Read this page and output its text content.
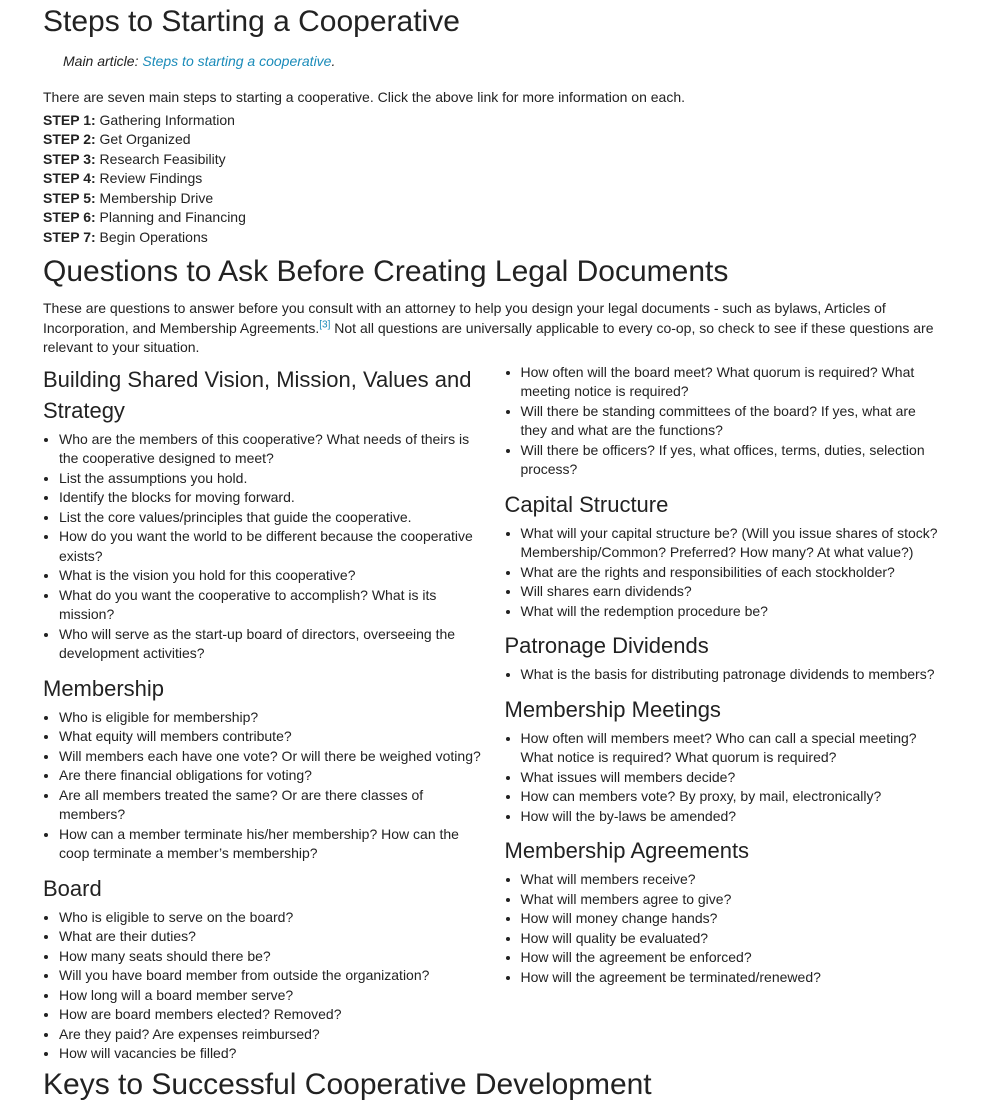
Steps to Starting a Cooperative
Main article: Steps to starting a cooperative.
There are seven main steps to starting a cooperative. Click the above link for more information on each.
STEP 1: Gathering Information
STEP 2: Get Organized
STEP 3: Research Feasibility
STEP 4: Review Findings
STEP 5: Membership Drive
STEP 6: Planning and Financing
STEP 7: Begin Operations
Questions to Ask Before Creating Legal Documents
These are questions to answer before you consult with an attorney to help you design your legal documents - such as bylaws, Articles of Incorporation, and Membership Agreements.[3] Not all questions are universally applicable to every co-op, so check to see if these questions are relevant to your situation.
Building Shared Vision, Mission, Values and Strategy
• Who are the members of this cooperative? What needs of theirs is the cooperative designed to meet?
• List the assumptions you hold.
• Identify the blocks for moving forward.
• List the core values/principles that guide the cooperative.
• How do you want the world to be different because the cooperative exists?
• What is the vision you hold for this cooperative?
• What do you want the cooperative to accomplish? What is its mission?
• Who will serve as the start-up board of directors, overseeing the development activities?
Membership
• Who is eligible for membership?
• What equity will members contribute?
• Will members each have one vote? Or will there be weighed voting?
• Are there financial obligations for voting?
• Are all members treated the same? Or are there classes of members?
• How can a member terminate his/her membership? How can the coop terminate a member’s membership?
Board
• Who is eligible to serve on the board?
• What are their duties?
• How many seats should there be?
• Will you have board member from outside the organization?
• How long will a board member serve?
• How are board members elected? Removed?
• Are they paid? Are expenses reimbursed?
• How will vacancies be filled?
• How often will the board meet? What quorum is required? What meeting notice is required?
• Will there be standing committees of the board? If yes, what are they and what are the functions?
• Will there be officers? If yes, what offices, terms, duties, selection process?
Capital Structure
• What will your capital structure be? (Will you issue shares of stock? Membership/Common? Preferred? How many? At what value?)
• What are the rights and responsibilities of each stockholder?
• Will shares earn dividends?
• What will the redemption procedure be?
Patronage Dividends
• What is the basis for distributing patronage dividends to members?
Membership Meetings
• How often will members meet? Who can call a special meeting? What notice is required? What quorum is required?
• What issues will members decide?
• How can members vote? By proxy, by mail, electronically?
• How will the by-laws be amended?
Membership Agreements
• What will members receive?
• What will members agree to give?
• How will money change hands?
• How will quality be evaluated?
• How will the agreement be enforced?
• How will the agreement be terminated/renewed?
Keys to Successful Cooperative Development
